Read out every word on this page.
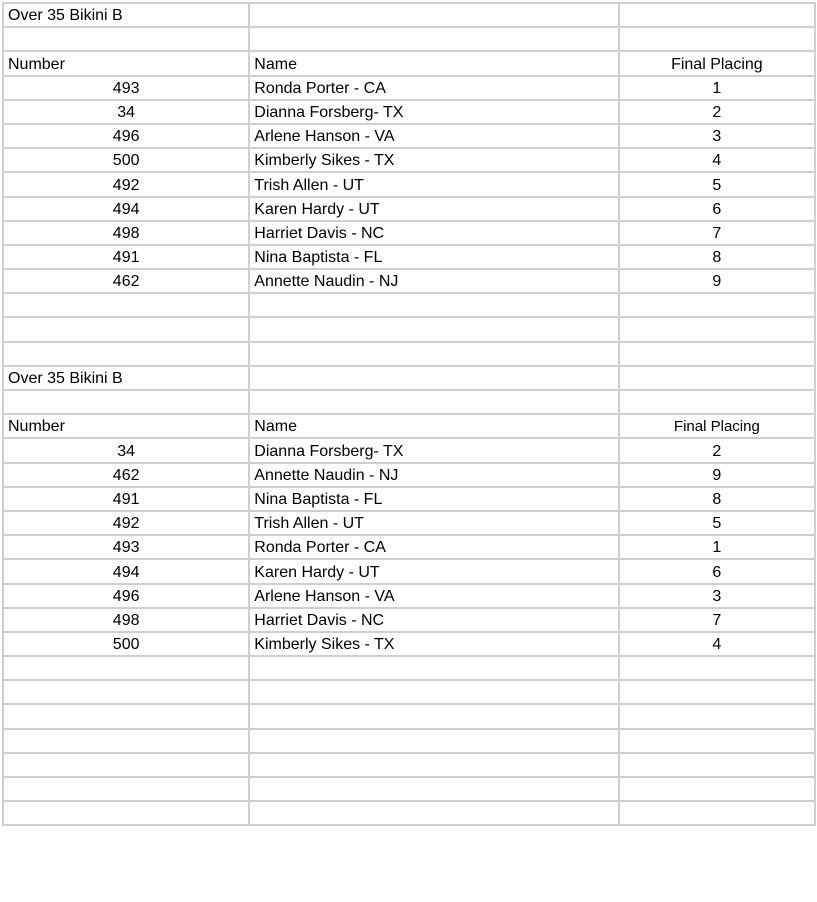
Over 35 Bikini B		

Number	Name	Final Placing
493	Ronda Porter - CA	1
34	Dianna Forsberg- TX	2
496	Arlene Hanson - VA	3
500	Kimberly Sikes - TX	4
492	Trish Allen - UT	5
494	Karen Hardy - UT	6
498	Harriet Davis - NC	7
491	Nina Baptista - FL	8
462	Annette Naudin - NJ	9

Over 35 Bikini B		

Number	Name	Final Placing
34	Dianna Forsberg- TX	2
462	Annette Naudin - NJ	9
491	Nina Baptista - FL	8
492	Trish Allen - UT	5
493	Ronda Porter - CA	1
494	Karen Hardy - UT	6
496	Arlene Hanson - VA	3
498	Harriet Davis - NC	7
500	Kimberly Sikes - TX	4
